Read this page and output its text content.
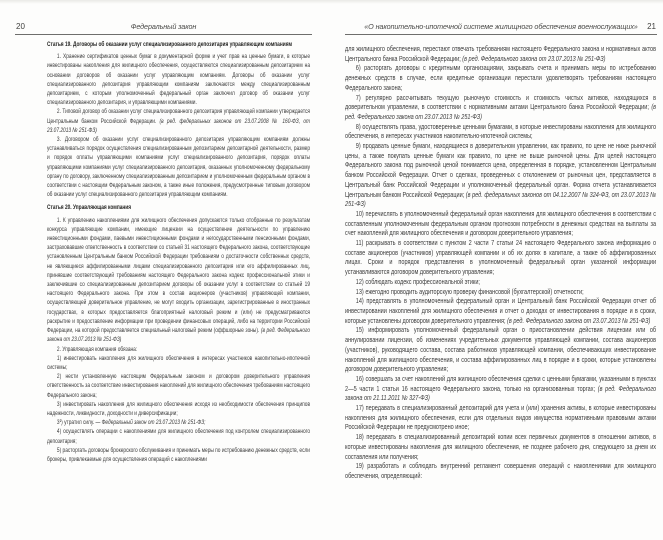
20	Федеральный закон
Статья 19. Договоры об оказании услуг специализированного депозитария управляющим компаниям
1. Хранение сертификатов ценных бумаг в документарной форме и учет прав на ценные бумаги, в которые инвестированы накопления для жилищного обеспечения, осуществляются специализированным депозитарием на основании договоров об оказании услуг управляющим компаниям. Договоры об оказании услуг специализированного депозитария управляющим компаниям заключаются между специализированным депозитарием, с которым уполномоченный федеральный орган заключил договор об оказании услуг специализированного депозитария, и управляющими компаниями.
2. Типовой договор об оказании услуг специализированного депозитария управляющей компании утверждается Центральным банком Российской Федерации. (в ред. федеральных законов от 23.07.2008 № 160-ФЗ, от 23.07.2013 № 251-ФЗ)
3. Договором об оказании услуг специализированного депозитария управляющим компаниям должны устанавливаться порядок осуществления специализированным депозитарием депозитарной деятельности, размер и порядок оплаты управляющими компаниями услуг специализированного депозитария, порядок оплаты управляющими компаниями услуг специализированного депозитария, оказанных уполномоченному федеральному органу по договору, заключенному специализированным депозитарием и уполномоченным федеральным органом в соответствии с настоящим Федеральным законом, а также иные положения, предусмотренные типовым договором об оказании услуг специализированного депозитария управляющим компаниям.
Статья 20. Управляющая компания
1. К управлению накоплениями для жилищного обеспечения допускаются только отобранные по результатам конкурса управляющие компании, имеющие лицензии на осуществление деятельности по управлению инвестиционными фондами, паевыми инвестиционными фондами и негосударственными пенсионными фондами, застраховавшие ответственность в соответствии со статьей 31 настоящего Федерального закона, соответствующие установленным Центральным банком Российской Федерации требованиям о достаточности собственных средств, не являющиеся аффилированными лицами специализированного депозитария или его аффилированных лиц, принявшие соответствующий требованиям настоящего Федерального закона кодекс профессиональной этики и заключившие со специализированным депозитарием договоры об оказании услуг в соответствии со статьей 19 настоящего Федерального закона. При этом в состав акционеров (участников) управляющей компании, осуществляющей доверительное управление, не могут входить организации, зарегистрированные в иностранных государствах, в которых предоставляется благоприятный налоговый режим и (или) не предусматриваются раскрытие и предоставление информации при проведении финансовых операций, либо на территории Российской Федерации, на которой предоставляется специальный налоговый режим (оффшорные зоны). (в ред. Федерального закона от 23.07.2013 № 251-ФЗ)
2. Управляющая компания обязана:
1) инвестировать накопления для жилищного обеспечения в интересах участников накопительно-ипотечной системы;
2) нести установленную настоящим Федеральным законом и договором доверительного управления ответственность за соответствие инвестирования накоплений для жилищного обеспечения требованиям настоящего Федерального закона;
3) инвестировать накопления для жилищного обеспечения исходя из необходимости обеспечения принципов надежности, ликвидности, доходности и диверсификации;
3¹) утратил силу. — Федеральный закон от 23.07.2013 № 251-ФЗ;
4) осуществлять операции с накоплениями для жилищного обеспечения под контролем специализированного депозитария;
5) расторгать договоры брокерского обслуживания и принимать меры по истребованию денежных средств, если брокеры, привлекаемые для осуществления операций с накоплениями
«О накопительно-ипотечной системе жилищного обеспечения военнослужащих» 21
для жилищного обеспечения, перестают отвечать требованиям настоящего Федерального закона и нормативных актов Центрального банка Российской Федерации; (в ред. Федерального закона от 23.07.2013 № 251-ФЗ)
6) расторгать договоры с кредитными организациями, закрывать счета и принимать меры по истребованию денежных средств в случае, если кредитные организации перестали удовлетворять требованиям настоящего Федерального закона;
7) регулярно рассчитывать текущую рыночную стоимость и стоимость чистых активов, находящихся в доверительном управлении, в соответствии с нормативными актами Центрального банка Российской Федерации; (в ред. Федерального закона от 23.07.2013 № 251-ФЗ)
8) осуществлять права, удостоверенные ценными бумагами, в которые инвестированы накопления для жилищного обеспечения, в интересах участников накопительно-ипотечной системы;
9) продавать ценные бумаги, находящиеся в доверительном управлении, как правило, по цене не ниже рыночной цены, а также покупать ценные бумаги как правило, по цене не выше рыночной цены. Для целей настоящего Федерального закона под рыночной ценой понимается цена, определенная в порядке, установленном Центральным банком Российской Федерации. Отчет о сделках, проведенных с отклонением от рыночных цен, представляется в Центральный банк Российской Федерации и уполномоченный федеральный орган. Форма отчета устанавливается Центральным банком Российской Федерации; (в ред. федеральных законов от 04.12.2007 № 324-ФЗ, от 23.07.2013 № 251-ФЗ)
10) перечислять в уполномоченный федеральный орган накопления для жилищного обеспечения в соответствии с составленным уполномоченным федеральным органом прогнозом потребности в денежных средствах на выплаты за счет накоплений для жилищного обеспечения и договором доверительного управления;
11) раскрывать в соответствии с пунктом 2 части 7 статьи 24 настоящего Федерального закона информацию о составе акционеров (участников) управляющей компании и об их долях в капитале, а также об аффилированных лицах. Сроки и порядок представления в уполномоченный федеральный орган указанной информации устанавливаются договором доверительного управления;
12) соблюдать кодекс профессиональной этики;
13) ежегодно проводить аудиторскую проверку финансовой (бухгалтерской) отчетности;
14) представлять в уполномоченный федеральный орган и Центральный банк Российской Федерации отчет об инвестировании накоплений для жилищного обеспечения и отчет о доходах от инвестирования в порядке и в сроки, которые установлены договором доверительного управления; (в ред. Федерального закона от 23.07.2013 № 251-ФЗ)
15) информировать уполномоченный федеральный орган о приостановлении действия лицензии или об аннулировании лицензии, об изменениях учредительных документов управляющей компании, состава акционеров (участников), руководящего состава, состава работников управляющей компании, обеспечивающих инвестирование накоплений для жилищного обеспечения, и состава аффилированных лиц в порядке и в сроки, которые установлены договором доверительного управления;
16) совершать за счет накоплений для жилищного обеспечения сделки с ценными бумагами, указанными в пунктах 2—5 части 1 статьи 16 настоящего Федерального закона, только на организованных торгах; (в ред. Федерального закона от 21.11.2011 № 327-ФЗ)
17) передавать в специализированный депозитарий для учета и (или) хранения активы, в которые инвестированы накопления для жилищного обеспечения, если для отдельных видов имущества нормативными правовыми актами Российской Федерации не предусмотрено иное;
18) передавать в специализированный депозитарий копии всех первичных документов в отношении активов, в которые инвестированы накопления для жилищного обеспечения, не позднее рабочего дня, следующего за днем их составления или получения;
19) разработать и соблюдать внутренний регламент совершения операций с накоплениями для жилищного обеспечения, определяющий:
